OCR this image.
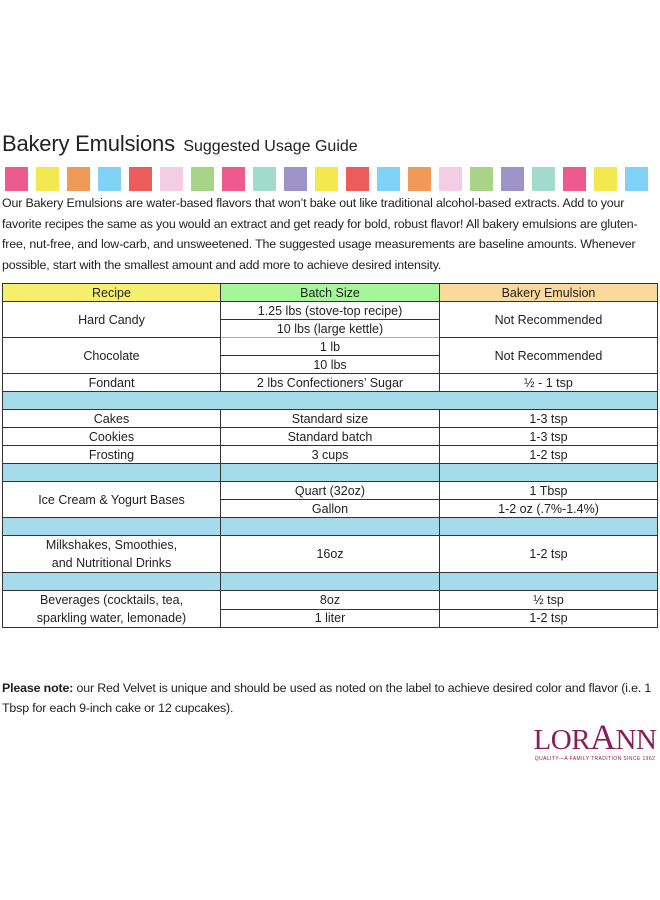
Bakery Emulsions Suggested Usage Guide

Our Bakery Emulsions are water-based flavors that won’t bake out like traditional alcohol-based extracts. Add to your favorite recipes the same as you would an extract and get ready for bold, robust flavor! All bakery emulsions are gluten-free, nut-free, and low-carb, and unsweetened. The suggested usage measurements are baseline amounts. Whenever possible, start with the smallest amount and add more to achieve desired intensity.

Recipe	Batch Size	Bakery Emulsion
Hard Candy	1.25 lbs (stove-top recipe)	Not Recommended
	10 lbs (large kettle)	
Chocolate	1 lb	Not Recommended
	10 lbs	
Fondant	2 lbs Confectioners’ Sugar	½ - 1 tsp

Cakes	Standard size	1-3 tsp
Cookies	Standard batch	1-3 tsp
Frosting	3 cups	1-2 tsp

Ice Cream & Yogurt Bases	Quart (32oz)	1 Tbsp
	Gallon	1-2 oz (.7%-1.4%)

Milkshakes, Smoothies, and Nutritional Drinks	16oz	1-2 tsp

Beverages (cocktails, tea, sparkling water, lemonade)	8oz	½ tsp
	1 liter	1-2 tsp

Please note: our Red Velvet is unique and should be used as noted on the label to achieve desired color and flavor (i.e. 1 Tbsp for each 9-inch cake or 12 cupcakes).

LORANN
QUALITY—A FAMILY TRADITION SINCE 1962
